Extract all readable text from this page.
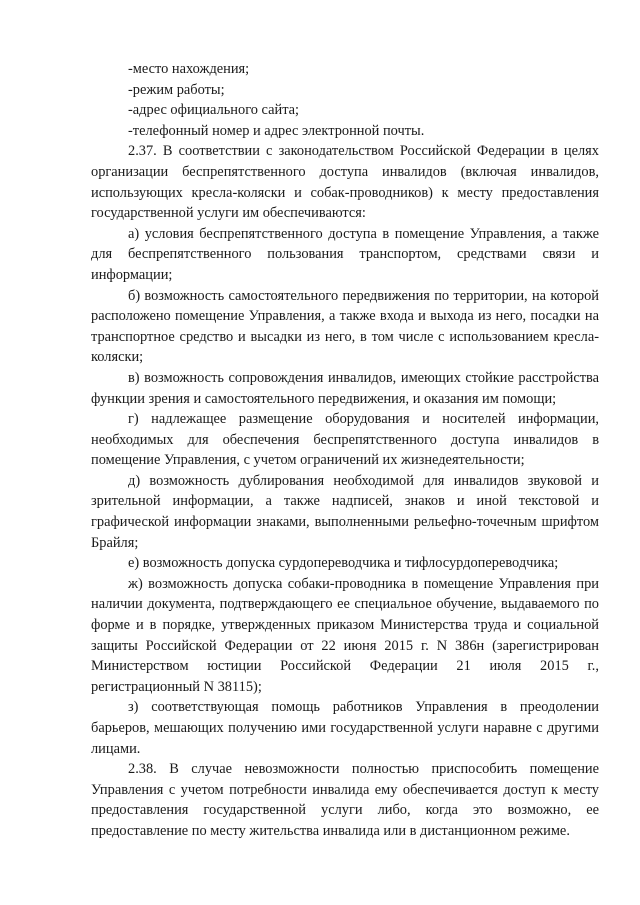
-место нахождения;

-режим работы;

-адрес официального сайта;

-телефонный номер и адрес электронной почты.

2.37. В соответствии с законодательством Российской Федерации в целях организации беспрепятственного доступа инвалидов (включая инвалидов, использующих кресла-коляски и собак-проводников) к месту предоставления государственной услуги им обеспечиваются:

а) условия беспрепятственного доступа в помещение Управления, а также для беспрепятственного пользования транспортом, средствами связи и информации;

б) возможность самостоятельного передвижения по территории, на которой расположено помещение Управления, а также входа и выхода из него, посадки на транспортное средство и высадки из него, в том числе с использованием кресла-коляски;

в) возможность сопровождения инвалидов, имеющих стойкие расстройства функции зрения и самостоятельного передвижения, и оказания им помощи;

г) надлежащее размещение оборудования и носителей информации, необходимых для обеспечения беспрепятственного доступа инвалидов в помещение Управления, с учетом ограничений их жизнедеятельности;

д) возможность дублирования необходимой для инвалидов звуковой и зрительной информации, а также надписей, знаков и иной текстовой и графической информации знаками, выполненными рельефно-точечным шрифтом Брайля;

е) возможность допуска сурдопереводчика и тифлосурдопереводчика;

ж) возможность допуска собаки-проводника в помещение Управления при наличии документа, подтверждающего ее специальное обучение, выдаваемого по форме и в порядке, утвержденных приказом Министерства труда и социальной защиты Российской Федерации от 22 июня 2015 г. N 386н (зарегистрирован Министерством юстиции Российской Федерации 21 июля 2015 г., регистрационный N 38115);

з) соответствующая помощь работников Управления в преодолении барьеров, мешающих получению ими государственной услуги наравне с другими лицами.

2.38. В случае невозможности полностью приспособить помещение Управления с учетом потребности инвалида ему обеспечивается доступ к месту предоставления государственной услуги либо, когда это возможно, ее предоставление по месту жительства инвалида или в дистанционном режиме.
